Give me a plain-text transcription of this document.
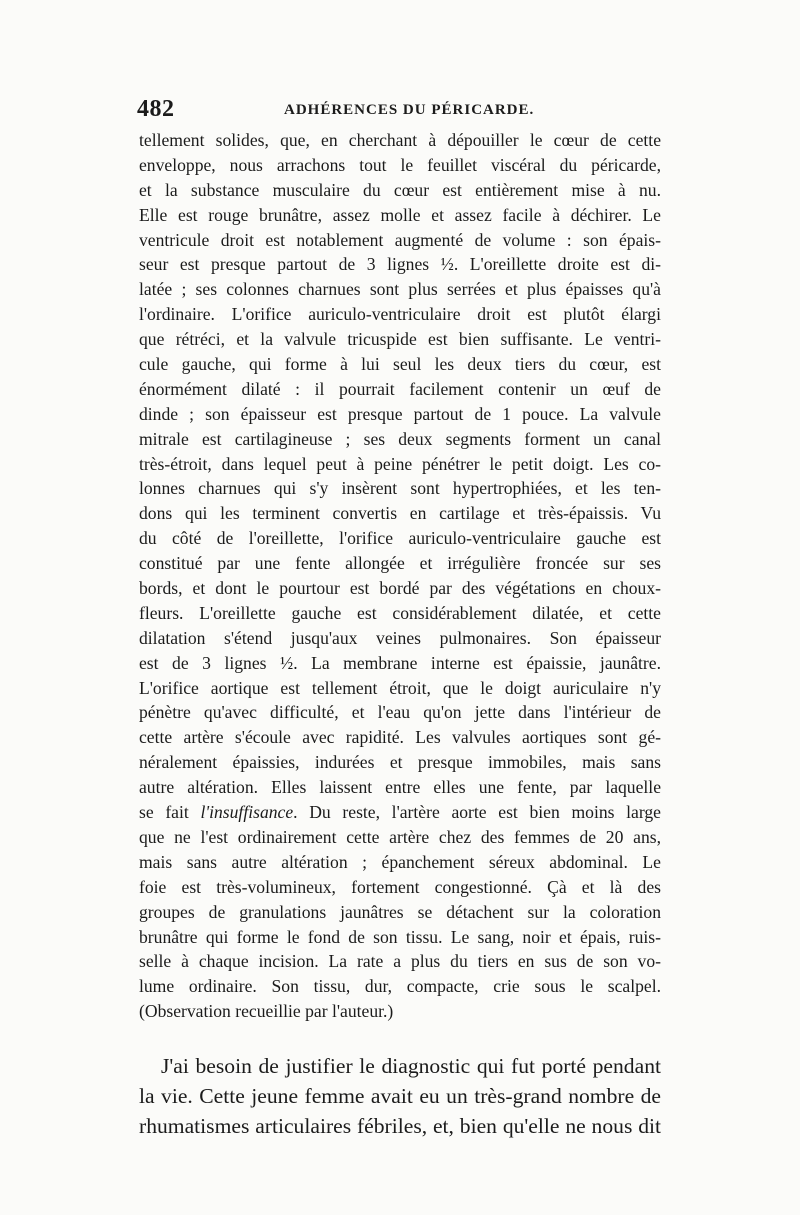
482	ADHÉRENCES DU PÉRICARDE.
tellement solides, que, en cherchant à dépouiller le cœur de cette
enveloppe, nous arrachons tout le feuillet viscéral du péricarde,
et la substance musculaire du cœur est entièrement mise à nu.
Elle est rouge brunâtre, assez molle et assez facile à déchirer. Le
ventricule droit est notablement augmenté de volume : son épais-
seur est presque partout de 3 lignes ½. L'oreillette droite est di-
latée ; ses colonnes charnues sont plus serrées et plus épaisses qu'à
l'ordinaire. L'orifice auriculo-ventriculaire droit est plutôt élargi
que rétréci, et la valvule tricuspide est bien suffisante. Le ventri-
cule gauche, qui forme à lui seul les deux tiers du cœur, est
énormément dilaté : il pourrait facilement contenir un œuf de
dinde ; son épaisseur est presque partout de 1 pouce. La valvule
mitrale est cartilagineuse ; ses deux segments forment un canal
très-étroit, dans lequel peut à peine pénétrer le petit doigt. Les co-
lonnes charnues qui s'y insèrent sont hypertrophiées, et les ten-
dons qui les terminent convertis en cartilage et très-épaissis. Vu
du côté de l'oreillette, l'orifice auriculo-ventriculaire gauche est
constitué par une fente allongée et irrégulière froncée sur ses
bords, et dont le pourtour est bordé par des végétations en choux-
fleurs. L'oreillette gauche est considérablement dilatée, et cette
dilatation s'étend jusqu'aux veines pulmonaires. Son épaisseur
est de 3 lignes ½. La membrane interne est épaissie, jaunâtre.
L'orifice aortique est tellement étroit, que le doigt auriculaire n'y
pénètre qu'avec difficulté, et l'eau qu'on jette dans l'intérieur de
cette artère s'écoule avec rapidité. Les valvules aortiques sont gé-
néralement épaissies, indurées et presque immobiles, mais sans
autre altération. Elles laissent entre elles une fente, par laquelle
se fait l'insuffisance. Du reste, l'artère aorte est bien moins large
que ne l'est ordinairement cette artère chez des femmes de 20 ans,
mais sans autre altération ; épanchement séreux abdominal. Le
foie est très-volumineux, fortement congestionné. Çà et là des
groupes de granulations jaunâtres se détachent sur la coloration
brunâtre qui forme le fond de son tissu. Le sang, noir et épais, ruis-
selle à chaque incision. La rate a plus du tiers en sus de son vo-
lume ordinaire. Son tissu, dur, compacte, crie sous le scalpel.
(Observation recueillie par l'auteur.)
J'ai besoin de justifier le diagnostic qui fut porté pendant
la vie. Cette jeune femme avait eu un très-grand nombre de
rhumatismes articulaires fébriles, et, bien qu'elle ne nous dit
